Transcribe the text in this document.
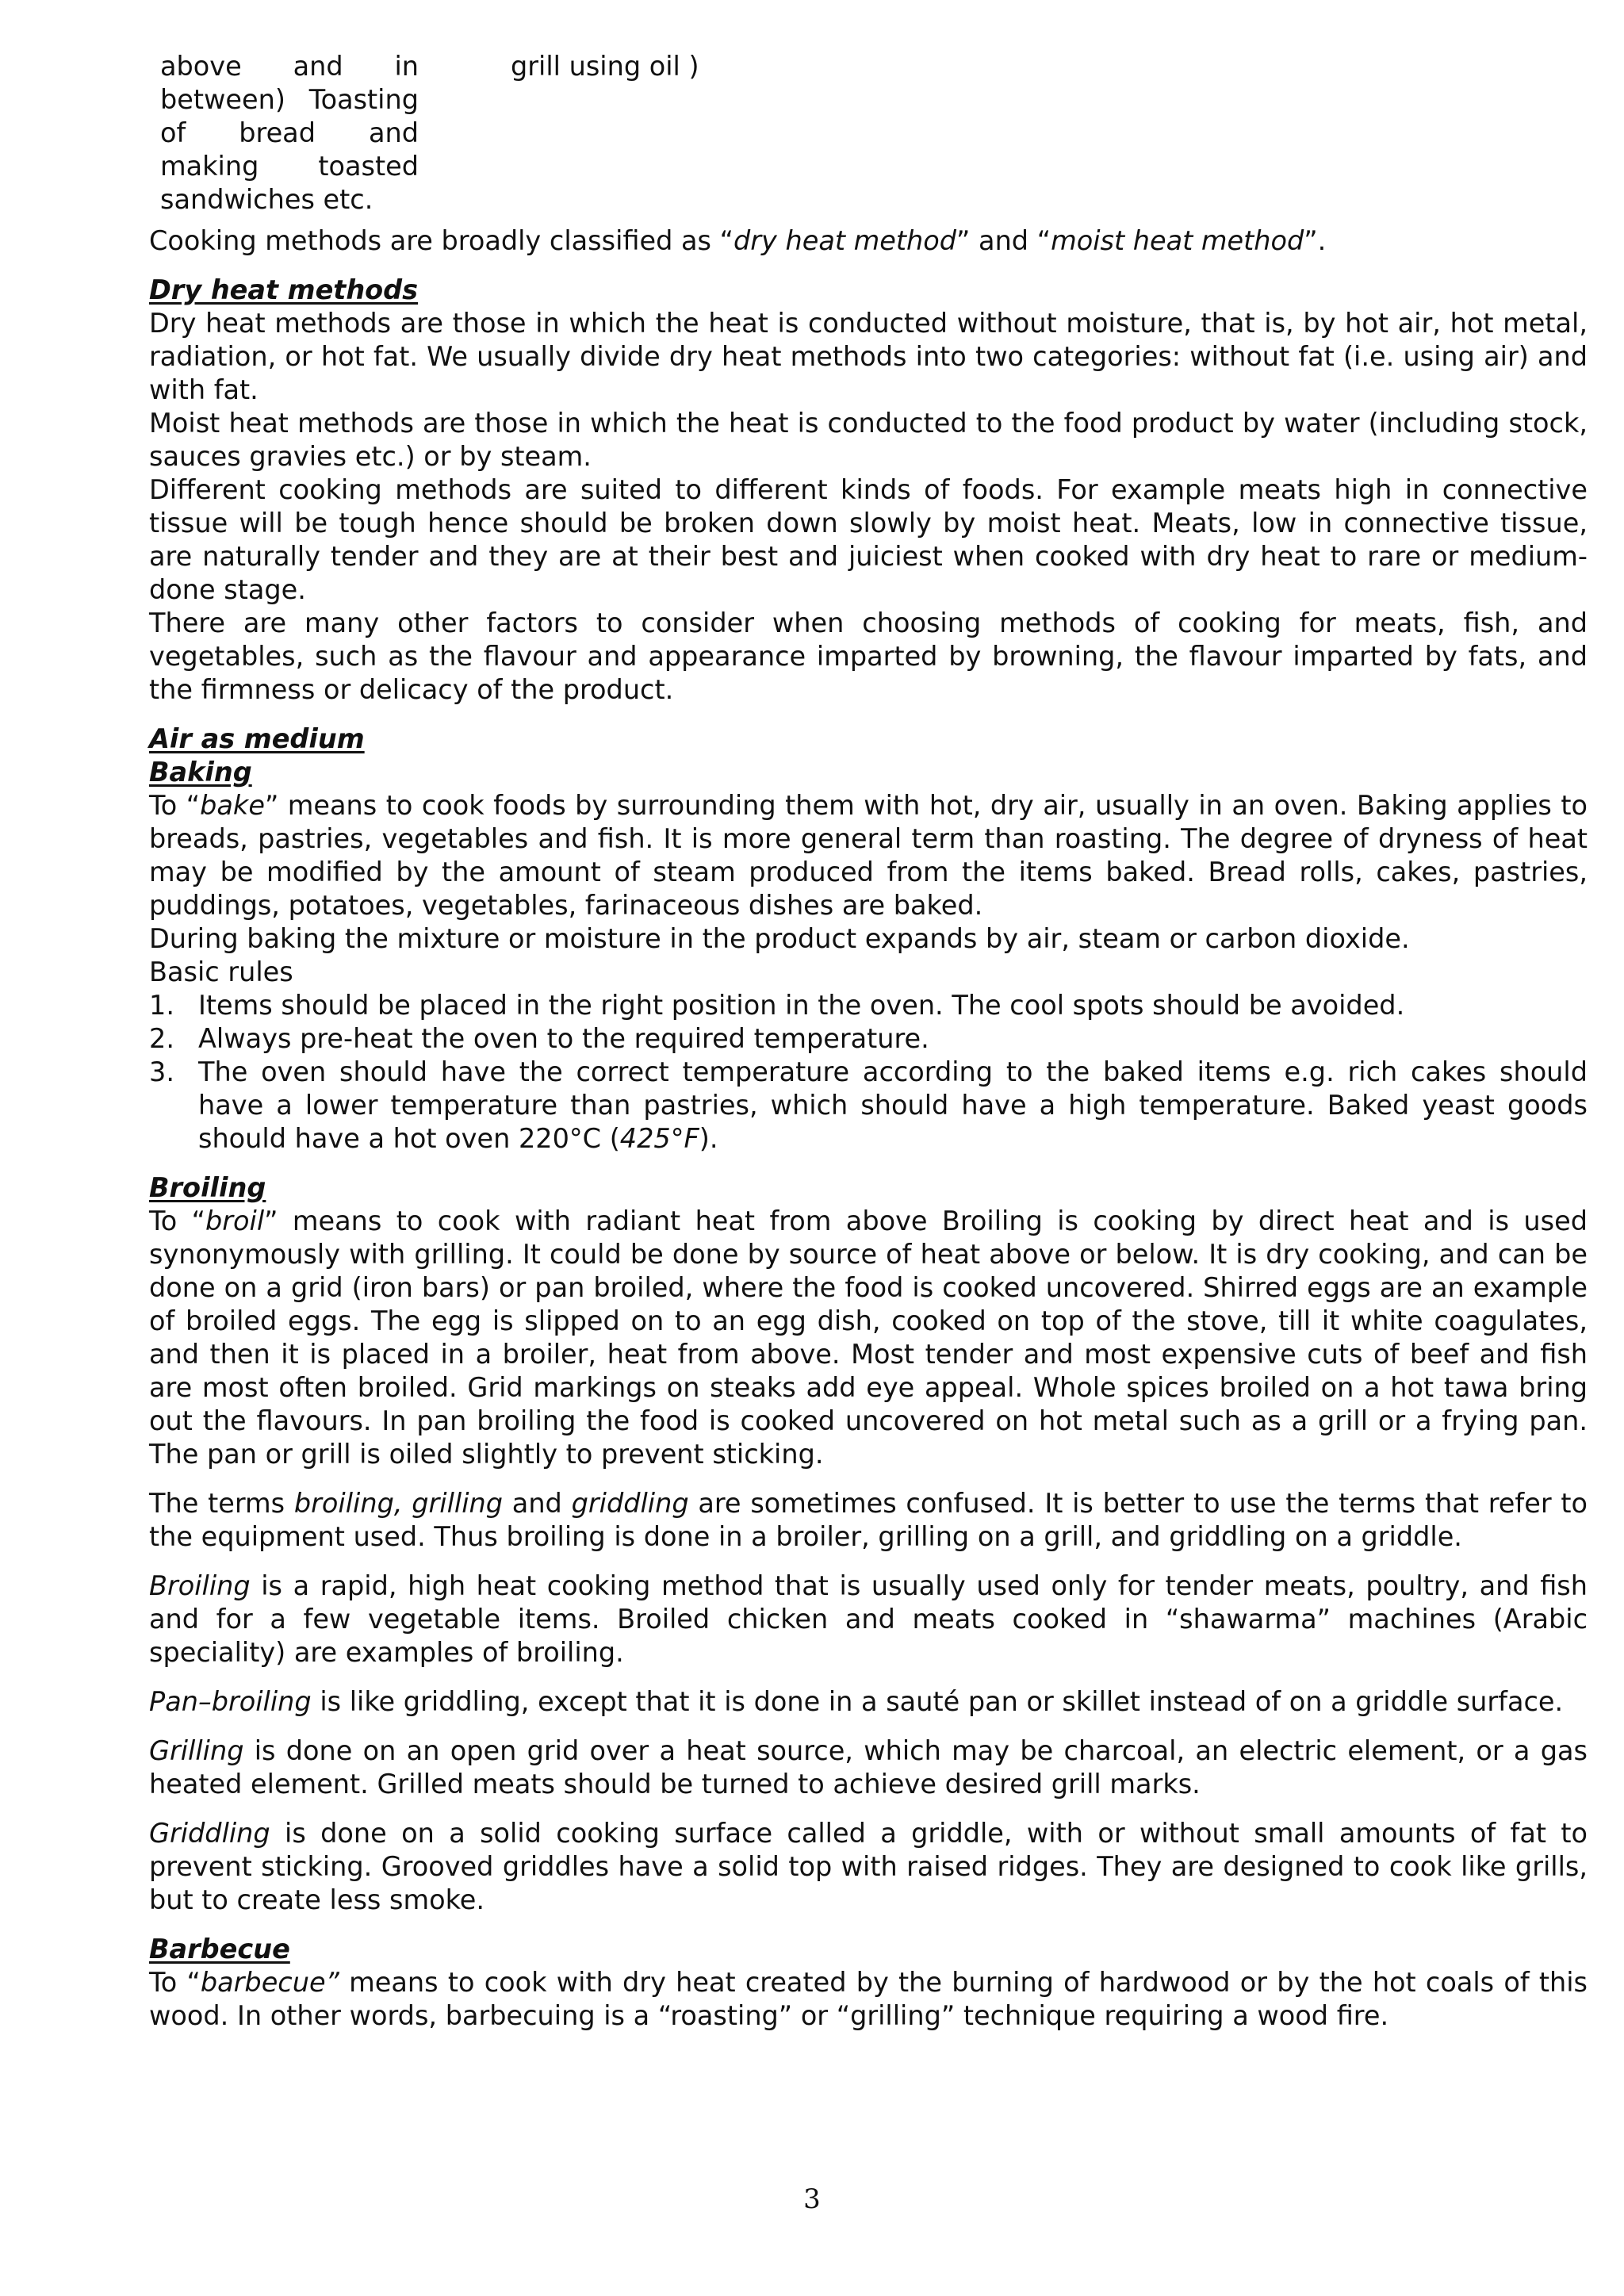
above and in between) Toasting of bread and making toasted sandwiches etc.
grill using oil )

Cooking methods are broadly classified as “dry heat method” and “moist heat method”.

Dry heat methods

Dry heat methods are those in which the heat is conducted without moisture, that is, by hot air, hot metal, radiation, or hot fat. We usually divide dry heat methods into two categories: without fat (i.e. using air) and with fat.

Moist heat methods are those in which the heat is conducted to the food product by water (including stock, sauces gravies etc.) or by steam.

Different cooking methods are suited to different kinds of foods. For example meats high in connective tissue will be tough hence should be broken down slowly by moist heat. Meats, low in connective tissue, are naturally tender and they are at their best and juiciest when cooked with dry heat to rare or medium- done stage.

There are many other factors to consider when choosing methods of cooking for meats, fish, and vegetables, such as the flavour and appearance imparted by browning, the flavour imparted by fats, and the firmness or delicacy of the product.

Air as medium
Baking

To “bake” means to cook foods by surrounding them with hot, dry air, usually in an oven. Baking applies to breads, pastries, vegetables and fish. It is more general term than roasting. The degree of dryness of heat may be modified by the amount of steam produced from the items baked. Bread rolls, cakes, pastries, puddings, potatoes, vegetables, farinaceous dishes are baked.

During baking the mixture or moisture in the product expands by air, steam or carbon dioxide.

Basic rules

1. Items should be placed in the right position in the oven. The cool spots should be avoided.
2. Always pre-heat the oven to the required temperature.
3. The oven should have the correct temperature according to the baked items e.g. rich cakes should have a lower temperature than pastries, which should have a high temperature. Baked yeast goods should have a hot oven 220°C (425°F).
Broiling

To “broil” means to cook with radiant heat from above Broiling is cooking by direct heat and is used synonymously with grilling. It could be done by source of heat above or below. It is dry cooking, and can be done on a grid (iron bars) or pan broiled, where the food is cooked uncovered. Shirred eggs are an example of broiled eggs. The egg is slipped on to an egg dish, cooked on top of the stove, till it white coagulates, and then it is placed in a broiler, heat from above. Most tender and most expensive cuts of beef and fish are most often broiled. Grid markings on steaks add eye appeal. Whole spices broiled on a hot tawa bring out the flavours. In pan broiling the food is cooked uncovered on hot metal such as a grill or a frying pan. The pan or grill is oiled slightly to prevent sticking.

The terms broiling, grilling and griddling are sometimes confused. It is better to use the terms that refer to the equipment used. Thus broiling is done in a broiler, grilling on a grill, and griddling on a griddle.

Broiling is a rapid, high heat cooking method that is usually used only for tender meats, poultry, and fish and for a few vegetable items. Broiled chicken and meats cooked in “shawarma” machines (Arabic speciality) are examples of broiling.

Pan–broiling is like griddling, except that it is done in a sauté pan or skillet instead of on a griddle surface.

Grilling is done on an open grid over a heat source, which may be charcoal, an electric element, or a gas heated element. Grilled meats should be turned to achieve desired grill marks.

Griddling is done on a solid cooking surface called a griddle, with or without small amounts of fat to prevent sticking. Grooved griddles have a solid top with raised ridges. They are designed to cook like grills, but to create less smoke.

Barbecue

To “barbecue” means to cook with dry heat created by the burning of hardwood or by the hot coals of this wood. In other words, barbecuing is a “roasting” or “grilling” technique requiring a wood fire.

3
